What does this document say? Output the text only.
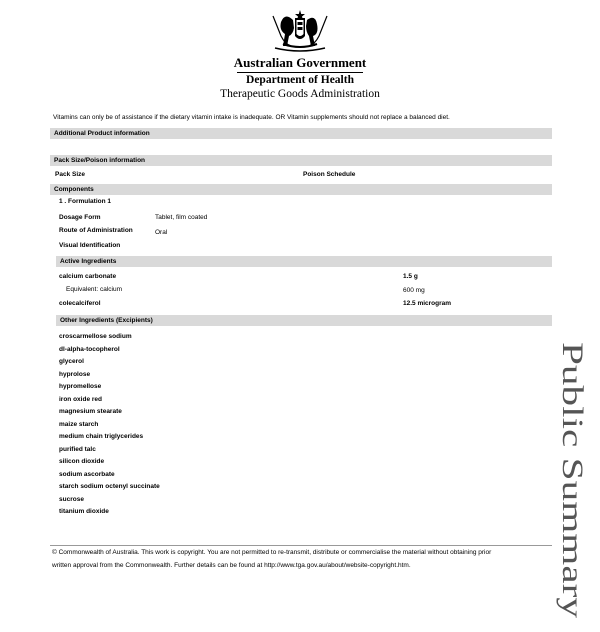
Australian Government
Department of Health
Therapeutic Goods Administration
Vitamins can only be of assistance if the dietary vitamin intake is inadequate. OR Vitamin supplements should not replace a balanced diet.
Additional Product information
Pack Size/Poison information
Pack Size	Poison Schedule
Components
1 . Formulation 1
Dosage Form	Tablet, film coated
Route of Administration	Oral
Visual Identification
Active Ingredients
calcium carbonate	1.5 g
Equivalent: calcium	600 mg
colecalciferol	12.5 microgram
Other Ingredients (Excipients)
croscarmellose sodium
dl-alpha-tocopherol
glycerol
hyprolose
hypromellose
iron oxide red
magnesium stearate
maize starch
medium chain triglycerides
purified talc
silicon dioxide
sodium ascorbate
starch sodium octenyl succinate
sucrose
titanium dioxide
© Commonwealth of Australia. This work is copyright. You are not permitted to re-transmit, distribute or commercialise the material without obtaining prior
written approval from the Commonwealth. Further details can be found at http://www.tga.gov.au/about/website-copyright.htm.
Public Summary
